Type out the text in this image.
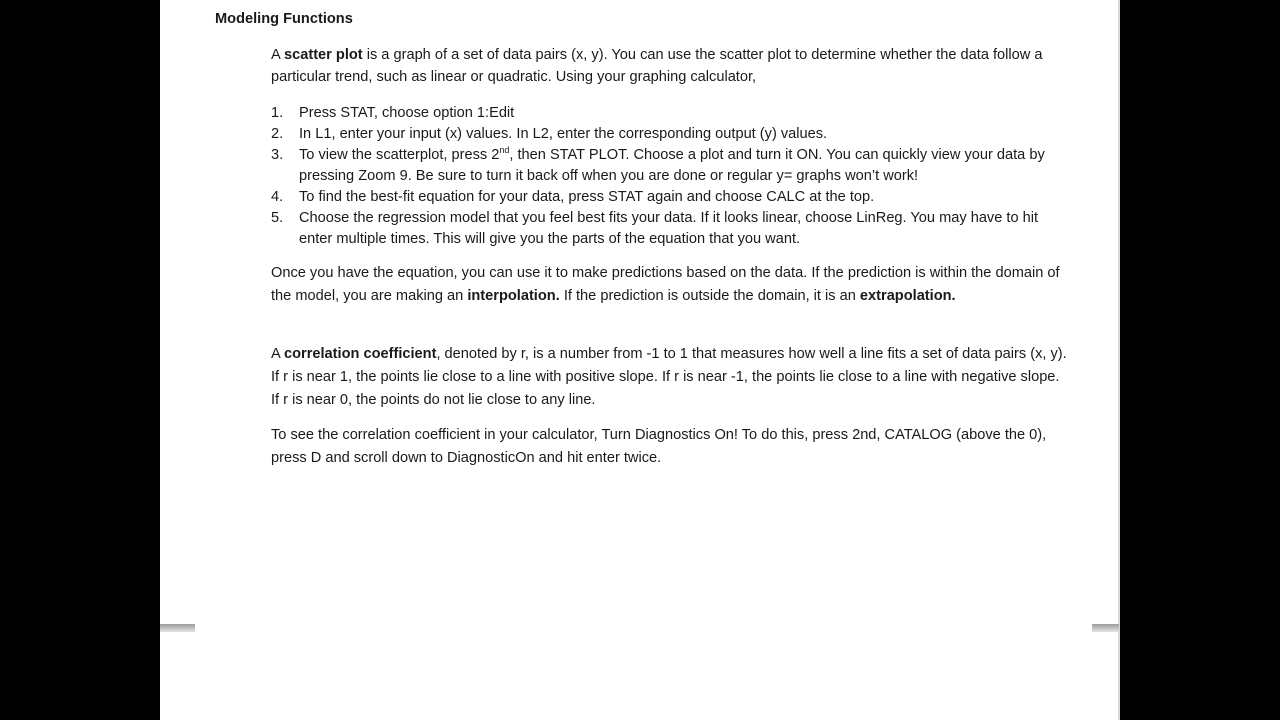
Modeling Functions

A scatter plot is a graph of a set of data pairs (x, y). You can use the scatter plot to determine whether the data follow a particular trend, such as linear or quadratic. Using your graphing calculator,

1. Press STAT, choose option 1:Edit
2. In L1, enter your input (x) values. In L2, enter the corresponding output (y) values.
3. To view the scatterplot, press 2nd, then STAT PLOT. Choose a plot and turn it ON. You can quickly view your data by pressing Zoom 9. Be sure to turn it back off when you are done or regular y= graphs won’t work!
4. To find the best-fit equation for your data, press STAT again and choose CALC at the top.
5. Choose the regression model that you feel best fits your data. If it looks linear, choose LinReg. You may have to hit enter multiple times. This will give you the parts of the equation that you want.

Once you have the equation, you can use it to make predictions based on the data. If the prediction is within the domain of the model, you are making an interpolation. If the prediction is outside the domain, it is an extrapolation.

A correlation coefficient, denoted by r, is a number from -1 to 1 that measures how well a line fits a set of data pairs (x, y). If r is near 1, the points lie close to a line with positive slope. If r is near -1, the points lie close to a line with negative slope. If r is near 0, the points do not lie close to any line.

To see the correlation coefficient in your calculator, Turn Diagnostics On! To do this, press 2nd, CATALOG (above the 0), press D and scroll down to DiagnosticOn and hit enter twice.
